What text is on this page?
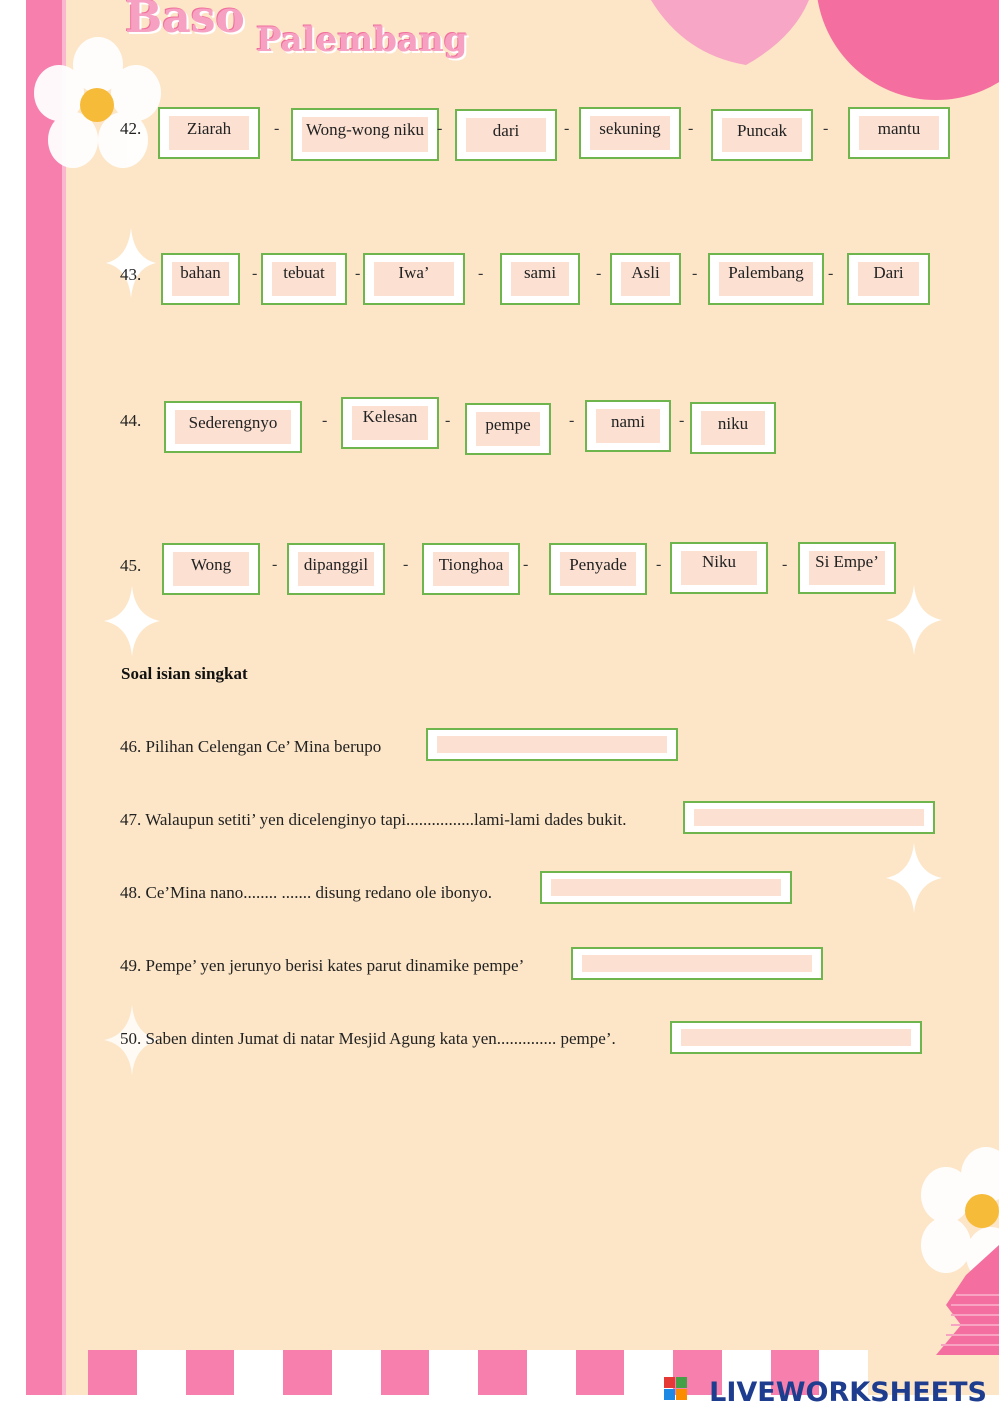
Baso Palembang
42.	Ziarah	-	Wong-wong niku -	dari	-	sekuning	-	Puncak	-	mantu
43.	bahan	-	tebuat	-	Iwa’	-	sami	-	Asli	-	Palembang	-	Dari
44.	Sederengnyo	-	Kelesan	-	pempe	-	nami	-	niku
45.	Wong	-	dipanggil	-	Tionghoa	-	Penyade	-	Niku	-	Si Empe’
Soal isian singkat
46. Pilihan Celengan Ce’ Mina berupo
47. Walaupun setiti’ yen dicelenginyo tapi................lami-lami dades bukit.
48. Ce’Mina nano........ ....... disung redano ole ibonyo.
49. Pempe’ yen jerunyo berisi kates parut dinamike pempe’
50. Saben dinten Jumat di natar Mesjid Agung kata yen.............. pempe’.
LIVEWORKSHEETS
